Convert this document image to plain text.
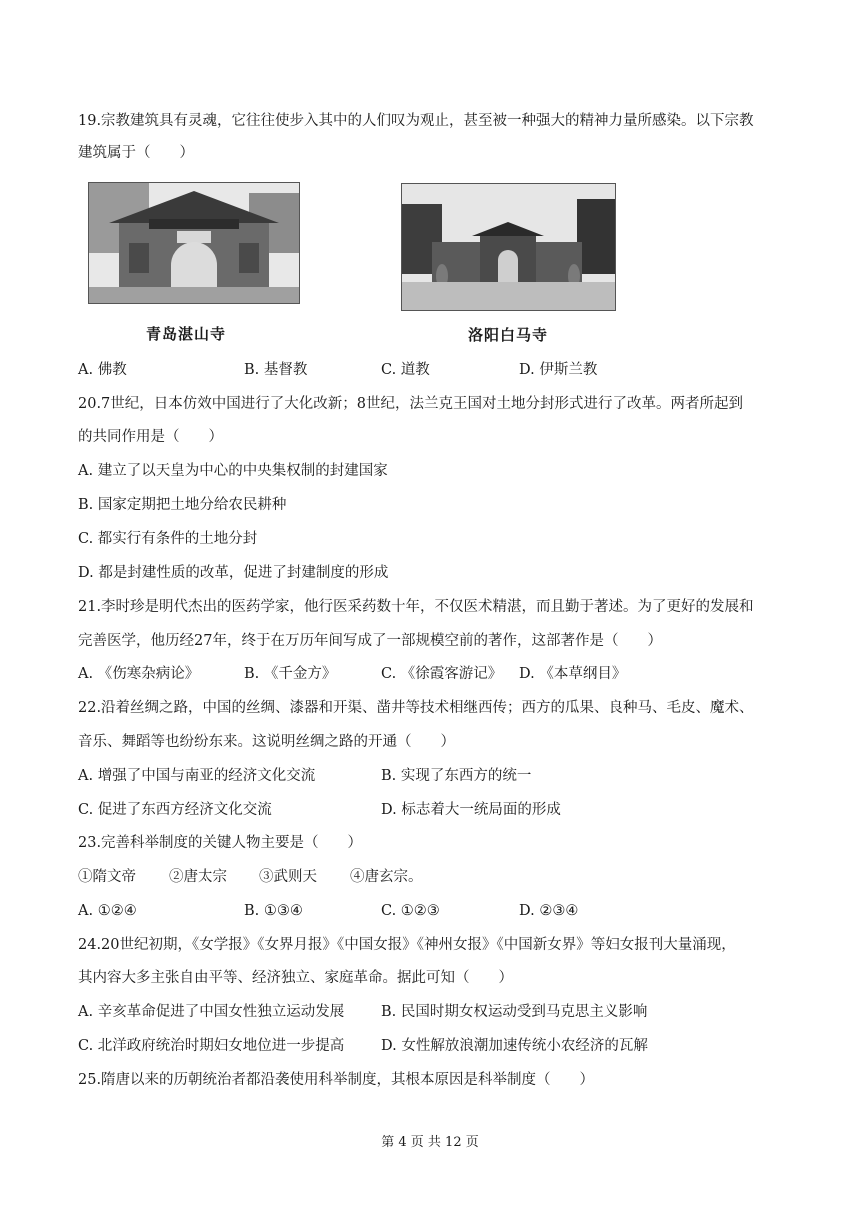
19.宗教建筑具有灵魂，它往往使步入其中的人们叹为观止，甚至被一种强大的精神力量所感染。以下宗教
建筑属于（　　）
青岛湛山寺	洛阳白马寺
A. 佛教	B. 基督教	C. 道教	D. 伊斯兰教
20.7世纪，日本仿效中国进行了大化改新；8世纪，法兰克王国对土地分封形式进行了改革。两者所起到
的共同作用是（　　）
A. 建立了以天皇为中心的中央集权制的封建国家
B. 国家定期把土地分给农民耕种
C. 都实行有条件的土地分封
D. 都是封建性质的改革，促进了封建制度的形成
21.李时珍是明代杰出的医药学家，他行医采药数十年，不仅医术精湛，而且勤于著述。为了更好的发展和
完善医学，他历经27年，终于在万历年间写成了一部规模空前的著作，这部著作是（　　）
A. 《伤寒杂病论》	B. 《千金方》	C. 《徐霞客游记》 D. 《本草纲目》
22.沿着丝绸之路，中国的丝绸、漆器和开渠、凿井等技术相继西传；西方的瓜果、良种马、毛皮、魔术、
音乐、舞蹈等也纷纷东来。这说明丝绸之路的开通（　　）
A. 增强了中国与南亚的经济文化交流	B. 实现了东西方的统一
C. 促进了东西方经济文化交流	D. 标志着大一统局面的形成
23.完善科举制度的关键人物主要是（　　）
①隋文帝 ②唐太宗 ③武则天 ④唐玄宗。
A. ①②④	B. ①③④	C. ①②③	D. ②③④
24.20世纪初期，《女学报》《女界月报》《中国女报》《神州女报》《中国新女界》等妇女报刊大量涌现，
其内容大多主张自由平等、经济独立、家庭革命。据此可知（　　）
A. 辛亥革命促进了中国女性独立运动发展	B. 民国时期女权运动受到马克思主义影响
C. 北洋政府统治时期妇女地位进一步提高	D. 女性解放浪潮加速传统小农经济的瓦解
25.隋唐以来的历朝统治者都沿袭使用科举制度，其根本原因是科举制度（　　）
第 4 页 共 12 页
